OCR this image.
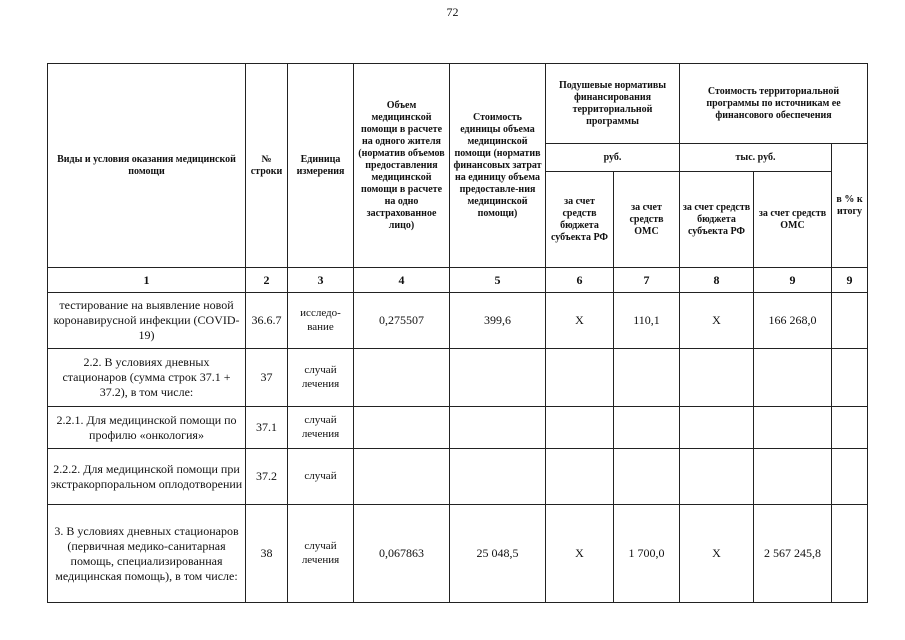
72
Виды и условия оказания медицинской помощи	№ строки	Единица измерения	Объем медицинской помощи в расчете на одного жителя (норматив объемов предоставления медицинской помощи в расчете на одно застрахованное лицо)	Стоимость единицы объема медицинской помощи (норматив финансовых затрат на единицу объема предоставле-ния медицинской помощи)	Подушевые нормативы финансирования территориальной программы		Стоимость территориальной программы по источникам ее финансового обеспечения		
					руб.		тыс. руб.		в % к итогу
					за счет средств бюджета субъекта РФ	за счет средств ОМС	за счет средств бюджета субъекта РФ	за счет средств ОМС	
1	2	3	4	5	6	7	8	9	9
тестирование на выявление новой коронавирусной инфекции (COVID-19)	36.6.7	исследо-вание	0,275507	399,6	X	110,1	X	166 268,0	
2.2. В условиях дневных стационаров (сумма строк 37.1 + 37.2), в том числе:	37	случай лечения							
2.2.1. Для медицинской помощи по профилю «онкология»	37.1	случай лечения							
2.2.2. Для медицинской помощи при экстракорпоральном оплодотворении	37.2	случай							
3. В условиях дневных стационаров (первичная медико-санитарная помощь, специализированная медицинская помощь), в том числе:	38	случай лечения	0,067863	25 048,5	X	1 700,0	X	2 567 245,8	
